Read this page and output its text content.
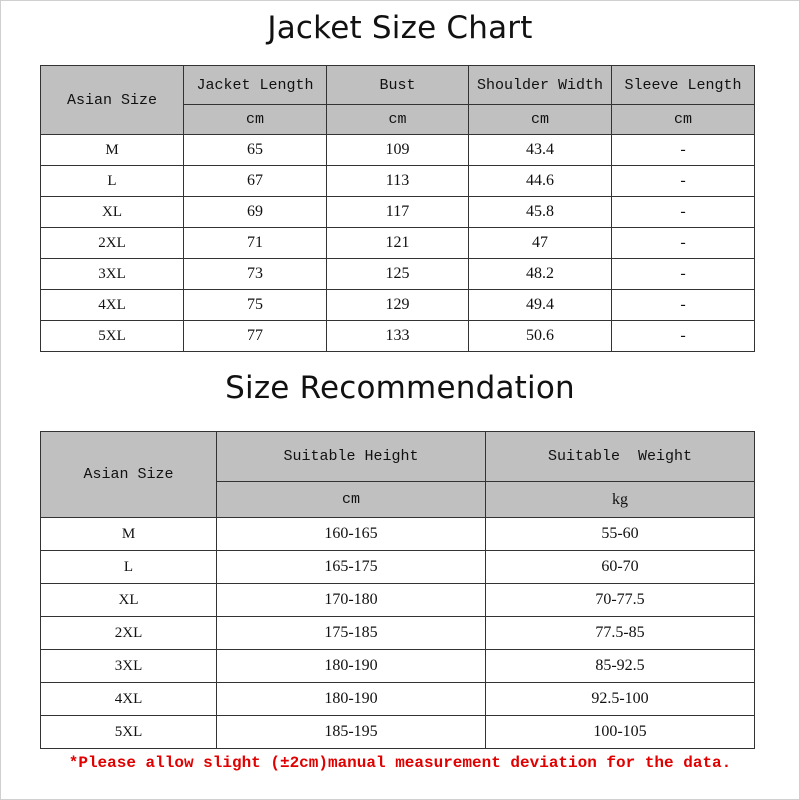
Jacket Size Chart
Asian Size	Jacket Length	Bust	Shoulder Width	Sleeve Length
	cm	cm	cm	cm
M	65	109	43.4	-
L	67	113	44.6	-
XL	69	117	45.8	-
2XL	71	121	47	-
3XL	73	125	48.2	-
4XL	75	129	49.4	-
5XL	77	133	50.6	-
Size Recommendation
Asian Size	Suitable Height	Suitable  Weight
	cm	kg
M	160-165	55-60
L	165-175	60-70
XL	170-180	70-77.5
2XL	175-185	77.5-85
3XL	180-190	85-92.5
4XL	180-190	92.5-100
5XL	185-195	100-105
*Please allow slight (±2cm)manual measurement deviation for the data.
